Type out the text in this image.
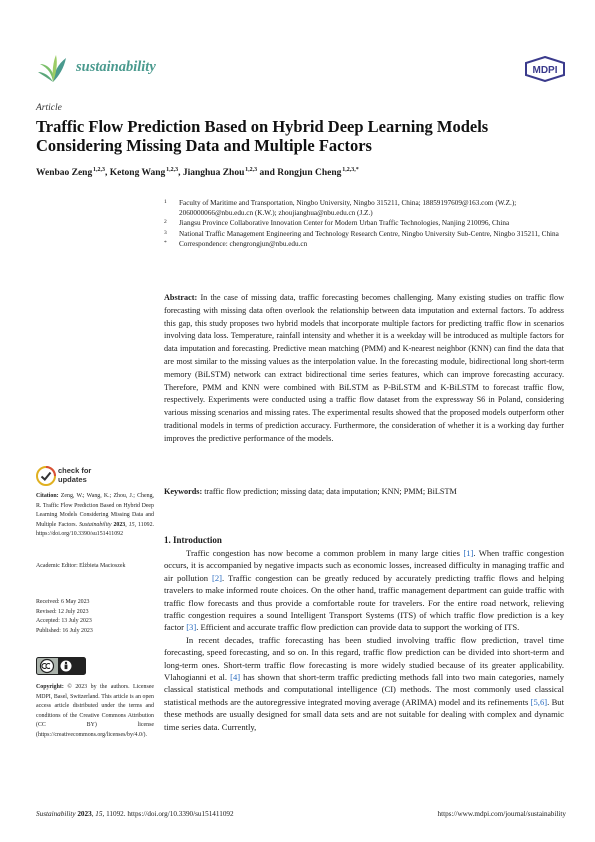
sustainability	MDPI
Article
Traffic Flow Prediction Based on Hybrid Deep Learning Models Considering Missing Data and Multiple Factors
Wenbao Zeng $^{1,2,3}$, Ketong Wang $^{1,2,3}$, Jianghua Zhou $^{1,2,3}$ and Rongjun Cheng $^{1,2,3,*}$
1 Faculty of Maritime and Transportation, Ningbo University, Ningbo 315211, China; 18859197609@163.com (W.Z.); 2060000066@nbu.edu.cn (K.W.); zhoujianghua@nbu.edu.cn (J.Z.)
2 Jiangsu Province Collaborative Innovation Center for Modern Urban Traffic Technologies, Nanjing 210096, China
3 National Traffic Management Engineering and Technology Research Centre, Ningbo University Sub-Centre, Ningbo 315211, China
* Correspondence: chengrongjun@nbu.edu.cn
Abstract: In the case of missing data, traffic forecasting becomes challenging. Many existing studies on traffic flow forecasting with missing data often overlook the relationship between data imputation and external factors. To address this gap, this study proposes two hybrid models that incorporate multiple factors for predicting traffic flow in scenarios involving data loss. Temperature, rainfall intensity and whether it is a weekday will be introduced as multiple factors for data imputation and forecasting. Predictive mean matching (PMM) and K-nearest neighbor (KNN) can find the data that are most similar to the missing values as the interpolation value. In the forecasting module, bidirectional long short-term memory (BiLSTM) network can extract bidirectional time series features, which can improve forecasting accuracy. Therefore, PMM and KNN were combined with BiLSTM as P-BiLSTM and K-BiLSTM to forecast traffic flow, respectively. Experiments were conducted using a traffic flow dataset from the expressway S6 in Poland, considering various missing scenarios and missing rates. The experimental results showed that the proposed models outperform other traditional models in terms of prediction accuracy. Furthermore, the consideration of whether it is a working day further improves the predictive performance of the models.
Keywords: traffic flow prediction; missing data; data imputation; KNN; PMM; BiLSTM
check for
updates
Citation: Zeng, W.; Wang, K.; Zhou, J.; Cheng, R. Traffic Flow Prediction Based on Hybrid Deep Learning Models Considering Missing Data and Multiple Factors. Sustainability 2023, 15, 11092. https://doi.org/10.3390/su151411092
Academic Editor: Elżbieta Macioszek
Received: 6 May 2023
Revised: 12 July 2023
Accepted: 13 July 2023
Published: 16 July 2023
Copyright: © 2023 by the authors. Licensee MDPI, Basel, Switzerland. This article is an open access article distributed under the terms and conditions of the Creative Commons Attribution (CC BY) license (https://creativecommons.org/licenses/by/4.0/).
1. Introduction

Traffic congestion has now become a common problem in many large cities [1]. When traffic congestion occurs, it is accompanied by negative impacts such as economic losses, increased difficulty in managing traffic and air pollution [2]. Traffic congestion can be greatly reduced by accurately predicting traffic flows and helping travelers to make informed route choices. On the other hand, traffic management department can guide traffic with traffic flow forecasts and thus provide a comfortable route for travelers. For the entire road network, relieving traffic congestion requires a sound Intelligent Transport Systems (ITS) of which traffic flow prediction is a key factor [3]. Efficient and accurate traffic flow prediction can provide data to support the working of ITS.

In recent decades, traffic forecasting has been studied involving traffic flow prediction, travel time forecasting, speed forecasting, and so on. In this regard, traffic flow prediction can be divided into short-term and long-term ones. Short-term traffic flow forecasting is more widely studied because of its greater applicability. Vlahogianni et al. [4] has shown that short-term traffic predicting methods fall into two main categories, namely classical statistical methods and computational intelligence (CI) methods. The most commonly used classical statistical methods are the autoregressive integrated moving average (ARIMA) model and its refinements [5,6]. But these methods are usually designed for small data sets and are not suitable for dealing with complex and dynamic time series data. Currently,

Sustainability 2023, 15, 11092. https://doi.org/10.3390/su151411092	https://www.mdpi.com/journal/sustainability
